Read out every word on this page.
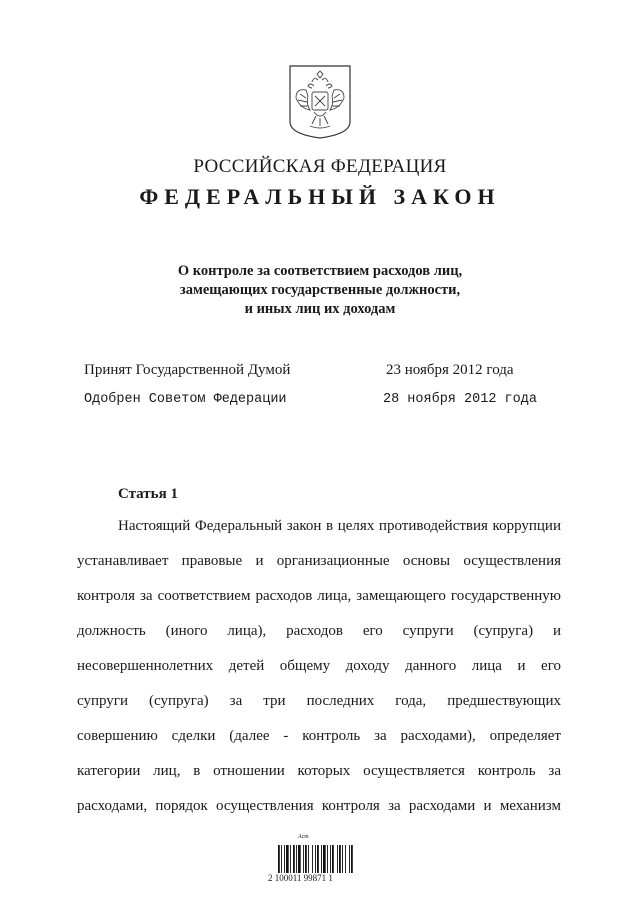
РОССИЙСКАЯ ФЕДЕРАЦИЯ
ФЕДЕРАЛЬНЫЙ ЗАКОН
О контроле за соответствием расходов лиц,
замещающих государственные должности,
и иных лиц их доходам
Принят Государственной Думой	23 ноября 2012 года
Одобрен Советом Федерации	28 ноября 2012 года
Статья 1
Настоящий Федеральный закон в целях противодействия коррупции
устанавливает правовые и организационные основы осуществления
контроля за соответствием расходов лица, замещающего государственную
должность (иного лица), расходов его супруги (супруга) и
несовершеннолетних детей общему доходу данного лица и его
супруги (супруга) за три последних года, предшествующих
совершению сделки (далее - контроль за расходами), определяет
категории лиц, в отношении которых осуществляется контроль за
расходами, порядок осуществления контроля за расходами и механизм
Аст
2 100011 99871 1
